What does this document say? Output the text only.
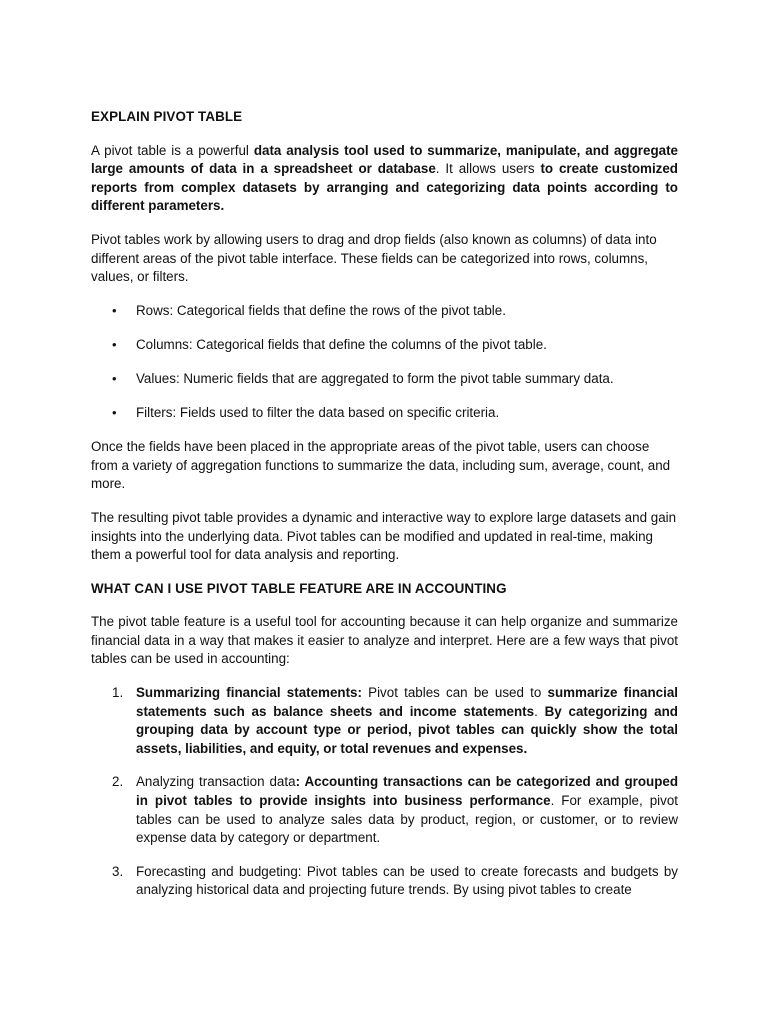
EXPLAIN PIVOT TABLE

A pivot table is a powerful data analysis tool used to summarize, manipulate, and aggregate large amounts of data in a spreadsheet or database. It allows users to create customized reports from complex datasets by arranging and categorizing data points according to different parameters.

Pivot tables work by allowing users to drag and drop fields (also known as columns) of data into different areas of the pivot table interface. These fields can be categorized into rows, columns, values, or filters.

• Rows: Categorical fields that define the rows of the pivot table.
• Columns: Categorical fields that define the columns of the pivot table.
• Values: Numeric fields that are aggregated to form the pivot table summary data.
• Filters: Fields used to filter the data based on specific criteria.

Once the fields have been placed in the appropriate areas of the pivot table, users can choose from a variety of aggregation functions to summarize the data, including sum, average, count, and more.

The resulting pivot table provides a dynamic and interactive way to explore large datasets and gain insights into the underlying data. Pivot tables can be modified and updated in real-time, making them a powerful tool for data analysis and reporting.

WHAT CAN I USE PIVOT TABLE FEATURE ARE IN ACCOUNTING

The pivot table feature is a useful tool for accounting because it can help organize and summarize financial data in a way that makes it easier to analyze and interpret. Here are a few ways that pivot tables can be used in accounting:

1. Summarizing financial statements: Pivot tables can be used to summarize financial statements such as balance sheets and income statements. By categorizing and grouping data by account type or period, pivot tables can quickly show the total assets, liabilities, and equity, or total revenues and expenses.
2. Analyzing transaction data: Accounting transactions can be categorized and grouped in pivot tables to provide insights into business performance. For example, pivot tables can be used to analyze sales data by product, region, or customer, or to review expense data by category or department.
3. Forecasting and budgeting: Pivot tables can be used to create forecasts and budgets by analyzing historical data and projecting future trends. By using pivot tables to create
